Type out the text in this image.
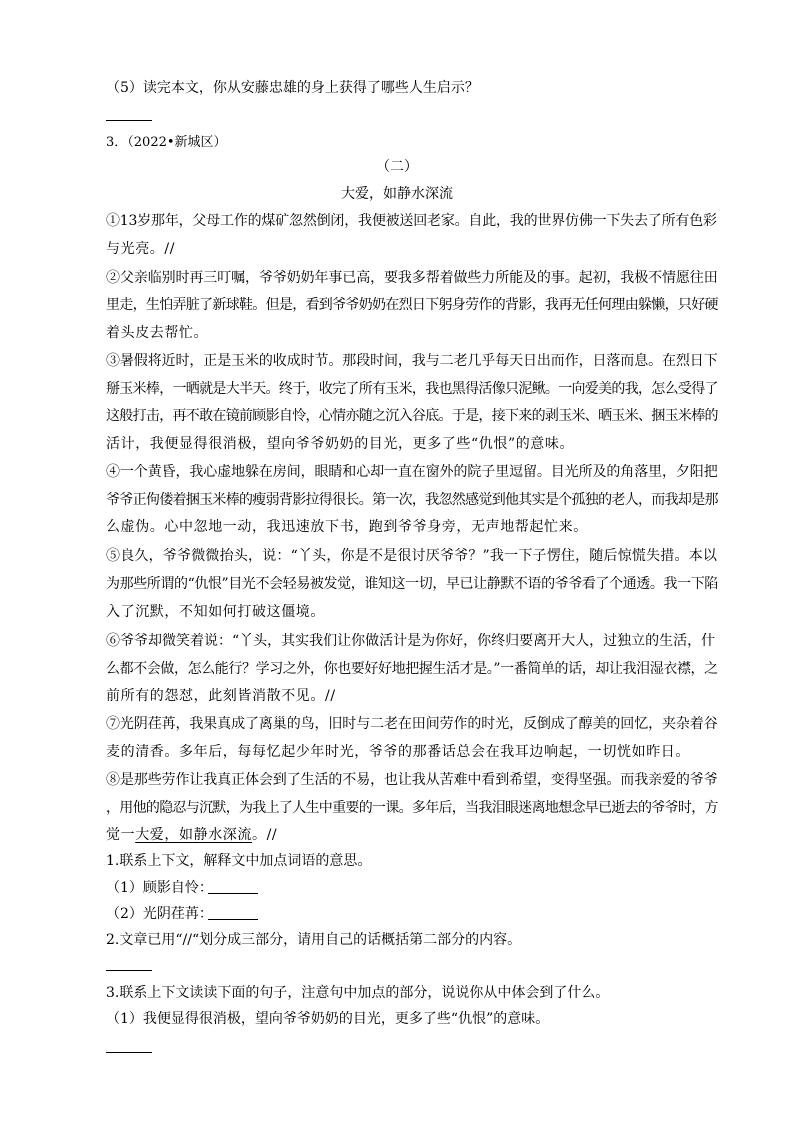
（5）读完本文，你从安藤忠雄的身上获得了哪些人生启示？
3．（2022•新城区）
（二）
大爱，如静水深流
①13岁那年，父母工作的煤矿忽然倒闭，我便被送回老家。自此，我的世界仿佛一下失去了所有色彩
与光亮。//
②父亲临别时再三叮嘱，爷爷奶奶年事已高，要我多帮着做些力所能及的事。起初，我极不情愿往田
里走，生怕弄脏了新球鞋。但是，看到爷爷奶奶在烈日下躬身劳作的背影，我再无任何理由躲懒，只好硬
着头皮去帮忙。
③暑假将近时，正是玉米的收成时节。那段时间，我与二老几乎每天日出而作，日落而息。在烈日下
掰玉米棒，一晒就是大半天。终于，收完了所有玉米，我也黑得活像只泥鳅。一向爱美的我，怎么受得了
这般打击，再不敢在镜前顾影自怜，心情亦随之沉入谷底。于是，接下来的剥玉米、晒玉米、捆玉米棒的
活计，我便显得很消极，望向爷爷奶奶的目光，更多了些“仇恨”的意味。
④一个黄昏，我心虚地躲在房间，眼睛和心却一直在窗外的院子里逗留。目光所及的角落里，夕阳把
爷爷正佝偻着捆玉米棒的瘦弱背影拉得很长。第一次，我忽然感觉到他其实是个孤独的老人，而我却是那
么虚伪。心中忽地一动，我迅速放下书，跑到爷爷身旁，无声地帮起忙来。
⑤良久，爷爷微微抬头，说：“丫头，你是不是很讨厌爷爷？”我一下子愣住，随后惊慌失措。本以
为那些所谓的“仇恨”目光不会轻易被发觉，谁知这一切，早已让静默不语的爷爷看了个通透。我一下陷
入了沉默，不知如何打破这僵境。
⑥爷爷却微笑着说：“丫头，其实我们让你做活计是为你好，你终归要离开大人，过独立的生活，什
么都不会做，怎么能行？学习之外，你也要好好地把握生活才是。”一番简单的话，却让我泪湿衣襟，之
前所有的怨怼，此刻皆消散不见。//
⑦光阴荏苒，我果真成了离巢的鸟，旧时与二老在田间劳作的时光，反倒成了醇美的回忆，夹杂着谷
麦的清香。多年后，每每忆起少年时光，爷爷的那番话总会在我耳边响起，一切恍如昨日。
⑧是那些劳作让我真正体会到了生活的不易，也让我从苦难中看到希望，变得坚强。而我亲爱的爷爷
，用他的隐忍与沉默，为我上了人生中重要的一课。多年后，当我泪眼迷离地想念早已逝去的爷爷时，方
觉一大爱，如静水深流。//
1.联系上下文，解释文中加点词语的意思。
（1）顾影自怜：
（2）光阴荏苒：
2.文章已用“//“划分成三部分，请用自己的话概括第二部分的内容。
3.联系上下文读读下面的句子，注意句中加点的部分，说说你从中体会到了什么。
（1）我便显得很消极，望向爷爷奶奶的目光，更多了些“仇恨”的意味。
